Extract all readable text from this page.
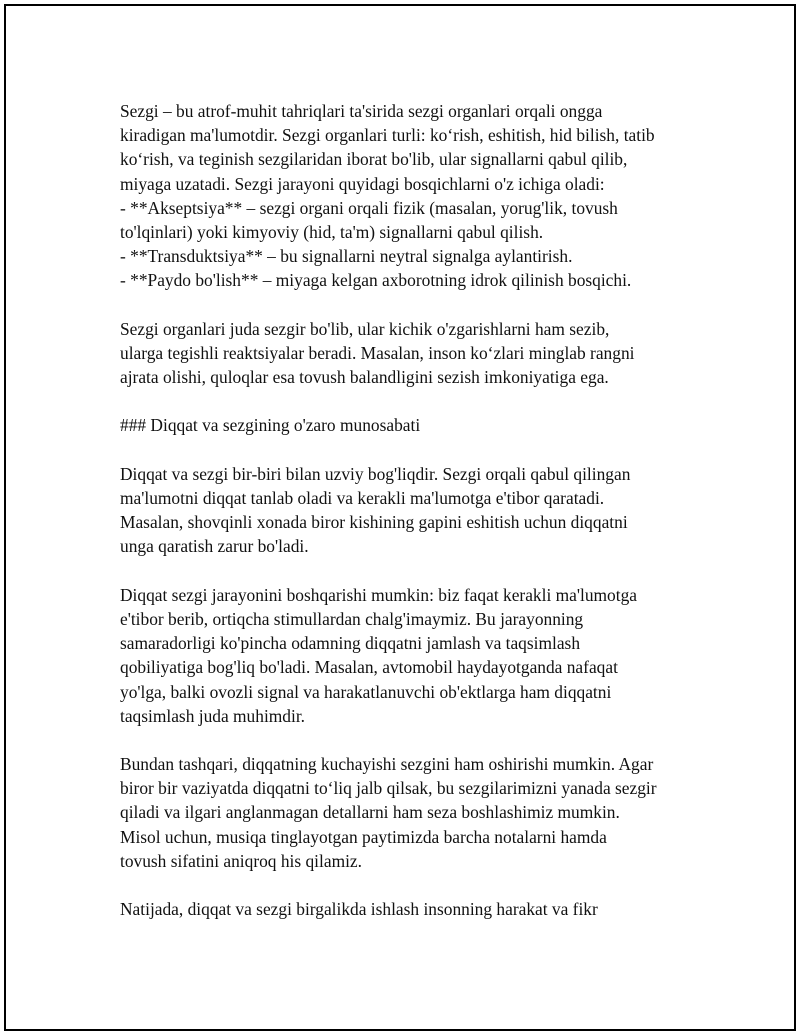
Sezgi – bu atrof-muhit tahriqlari ta'sirida sezgi organlari orqali ongga
kiradigan ma'lumotdir. Sezgi organlari turli: ko‘rish, eshitish, hid bilish, tatib
ko‘rish, va teginish sezgilaridan iborat bo'lib, ular signallarni qabul qilib,
miyaga uzatadi. Sezgi jarayoni quyidagi bosqichlarni o'z ichiga oladi:
- **Akseptsiya** – sezgi organi orqali fizik (masalan, yorug'lik, tovush
to'lqinlari) yoki kimyoviy (hid, ta'm) signallarni qabul qilish.
- **Transduktsiya** – bu signallarni neytral signalga aylantirish.
- **Paydo bo'lish** – miyaga kelgan axborotning idrok qilinish bosqichi.
Sezgi organlari juda sezgir bo'lib, ular kichik o'zgarishlarni ham sezib,
ularga tegishli reaktsiyalar beradi. Masalan, inson ko‘zlari minglab rangni
ajrata olishi, quloqlar esa tovush balandligini sezish imkoniyatiga ega.
### Diqqat va sezgining o'zaro munosabati
Diqqat va sezgi bir-biri bilan uzviy bog'liqdir. Sezgi orqali qabul qilingan
ma'lumotni diqqat tanlab oladi va kerakli ma'lumotga e'tibor qaratadi.
Masalan, shovqinli xonada biror kishining gapini eshitish uchun diqqatni
unga qaratish zarur bo'ladi.
Diqqat sezgi jarayonini boshqarishi mumkin: biz faqat kerakli ma'lumotga
e'tibor berib, ortiqcha stimullardan chalg'imaymiz. Bu jarayonning
samaradorligi ko'pincha odamning diqqatni jamlash va taqsimlash
qobiliyatiga bog'liq bo'ladi. Masalan, avtomobil haydayotganda nafaqat
yo'lga, balki ovozli signal va harakatlanuvchi ob'ektlarga ham diqqatni
taqsimlash juda muhimdir.
Bundan tashqari, diqqatning kuchayishi sezgini ham oshirishi mumkin. Agar
biror bir vaziyatda diqqatni to‘liq jalb qilsak, bu sezgilarimizni yanada sezgir
qiladi va ilgari anglanmagan detallarni ham seza boshlashimiz mumkin.
Misol uchun, musiqa tinglayotgan paytimizda barcha notalarni hamda
tovush sifatini aniqroq his qilamiz.
Natijada, diqqat va sezgi birgalikda ishlash insonning harakat va fikr
